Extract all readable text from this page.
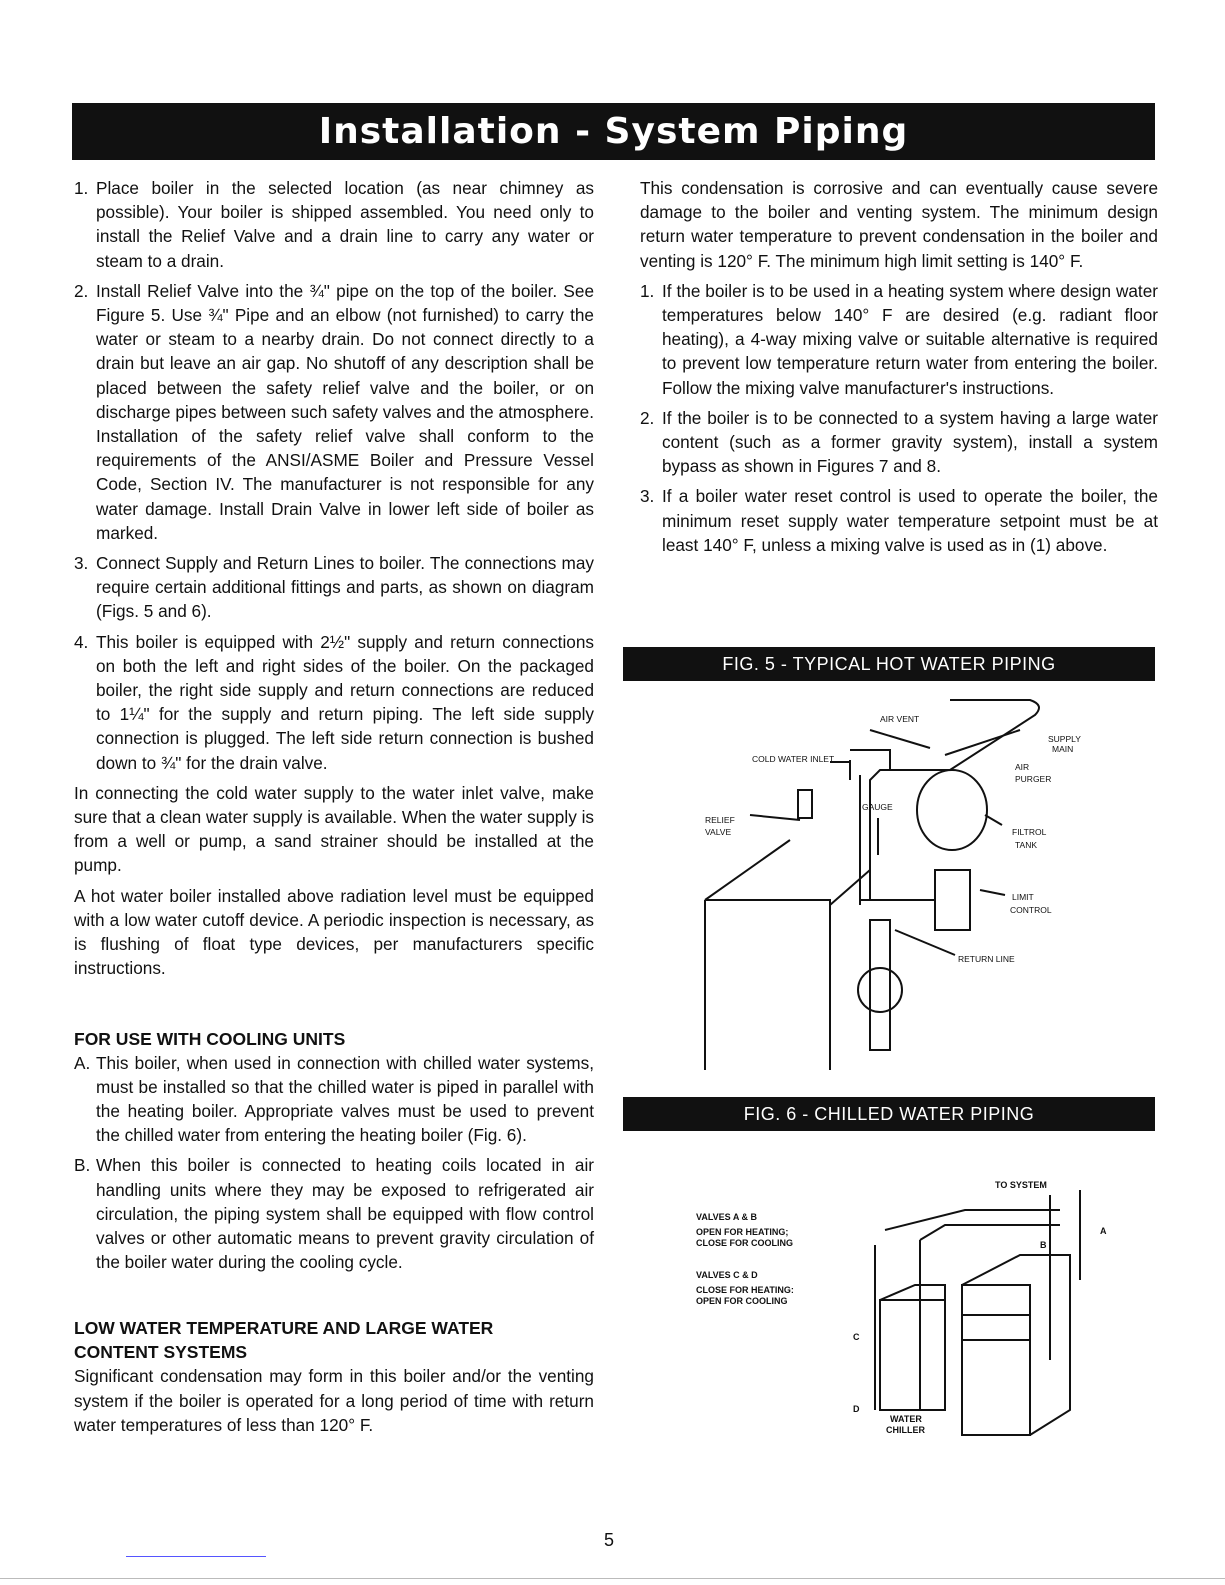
Installation - System Piping
1. Place boiler in the selected location (as near chimney as possible). Your boiler is shipped assembled. You need only to install the Relief Valve and a drain line to carry any water or steam to a drain.

2. Install Relief Valve into the ¾" pipe on the top of the boiler. See Figure 5. Use ¾" Pipe and an elbow (not furnished) to carry the water or steam to a nearby drain. Do not connect directly to a drain but leave an air gap. No shutoff of any description shall be placed between the safety relief valve and the boiler, or on discharge pipes between such safety valves and the atmosphere. Installation of the safety relief valve shall conform to the requirements of the ANSI/ASME Boiler and Pressure Vessel Code, Section IV. The manufacturer is not responsible for any water damage. Install Drain Valve in lower left side of boiler as marked.

3. Connect Supply and Return Lines to boiler. The connections may require certain additional fittings and parts, as shown on diagram (Figs. 5 and 6).

4. This boiler is equipped with 2½" supply and return connections on both the left and right sides of the boiler. On the packaged boiler, the right side supply and return connections are reduced to 1¼" for the supply and return piping. The left side supply connection is plugged. The left side return connection is bushed down to ¾" for the drain valve.

In connecting the cold water supply to the water inlet valve, make sure that a clean water supply is available. When the water supply is from a well or pump, a sand strainer should be installed at the pump.

A hot water boiler installed above radiation level must be equipped with a low water cutoff device. A periodic inspection is necessary, as is flushing of float type devices, per manufacturers specific instructions.

FOR USE WITH COOLING UNITS

A. This boiler, when used in connection with chilled water systems, must be installed so that the chilled water is piped in parallel with the heating boiler. Appropriate valves must be used to prevent the chilled water from entering the heating boiler (Fig. 6).

B. When this boiler is connected to heating coils located in air handling units where they may be exposed to refrigerated air circulation, the piping system shall be equipped with flow control valves or other automatic means to prevent gravity circulation of the boiler water during the cooling cycle.

LOW WATER TEMPERATURE AND LARGE WATER

CONTENT SYSTEMS

Significant condensation may form in this boiler and/or the venting system if the boiler is operated for a long period of time with return water temperatures of less than 120° F.

This condensation is corrosive and can eventually cause severe damage to the boiler and venting system. The minimum design return water temperature to prevent condensation in the boiler and venting is 120° F. The minimum high limit setting is 140° F.

1. If the boiler is to be used in a heating system where design water temperatures below 140° F are desired (e.g. radiant floor heating), a 4-way mixing valve or suitable alternative is required to prevent low temperature return water from entering the boiler. Follow the mixing valve manufacturer's instructions.

2. If the boiler is to be connected to a system having a large water content (such as a former gravity system), install a system bypass as shown in Figures 7 and 8.

3. If a boiler water reset control is used to operate the boiler, the minimum reset supply water temperature setpoint must be at least 140° F, unless a mixing valve is used as in (1) above.

FIG. 5 - TYPICAL HOT WATER PIPING
AIR VENT
SUPPLY
MAIN
COLD WATER INLET
AIR
PURGER
GAUGE
RELIEF
VALVE	FILTROL
TANK
LIMIT
CONTROL
RETURN LINE
FIG. 6 - CHILLED WATER PIPING
TO SYSTEM
VALVES A & B
OPEN FOR HEATING;
CLOSE FOR COOLING
VALVES C & D
CLOSE FOR HEATING:
OPEN FOR COOLING
A
B
C
D
WATER
CHILLER
5
